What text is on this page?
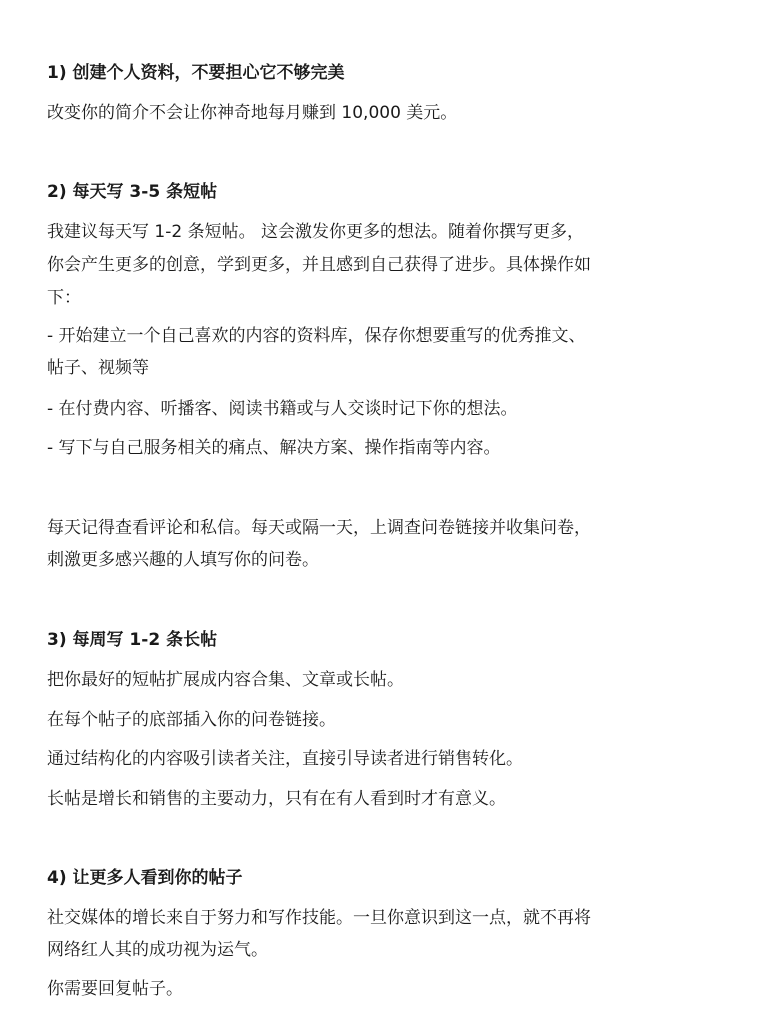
1) 创建个人资料，不要担心它不够完美
改变你的简介不会让你神奇地每月赚到 10,000 美元。
2) 每天写 3-5 条短帖
我建议每天写 1-2 条短帖。 这会激发你更多的想法。随着你撰写更多，
你会产生更多的创意，学到更多，并且感到自己获得了进步。具体操作如
下：
- 开始建立一个自己喜欢的内容的资料库，保存你想要重写的优秀推文、
帖子、视频等
- 在付费内容、听播客、阅读书籍或与人交谈时记下你的想法。
- 写下与自己服务相关的痛点、解决方案、操作指南等内容。
每天记得查看评论和私信。每天或隔一天，上调查问卷链接并收集问卷，
刺激更多感兴趣的人填写你的问卷。
3) 每周写 1-2 条长帖
把你最好的短帖扩展成内容合集、文章或长帖。
在每个帖子的底部插入你的问卷链接。
通过结构化的内容吸引读者关注，直接引导读者进行销售转化。
长帖是增长和销售的主要动力，只有在有人看到时才有意义。
4) 让更多人看到你的帖子
社交媒体的增长来自于努力和写作技能。一旦你意识到这一点，就不再将
网络红人其的成功视为运气。
你需要回复帖子。
